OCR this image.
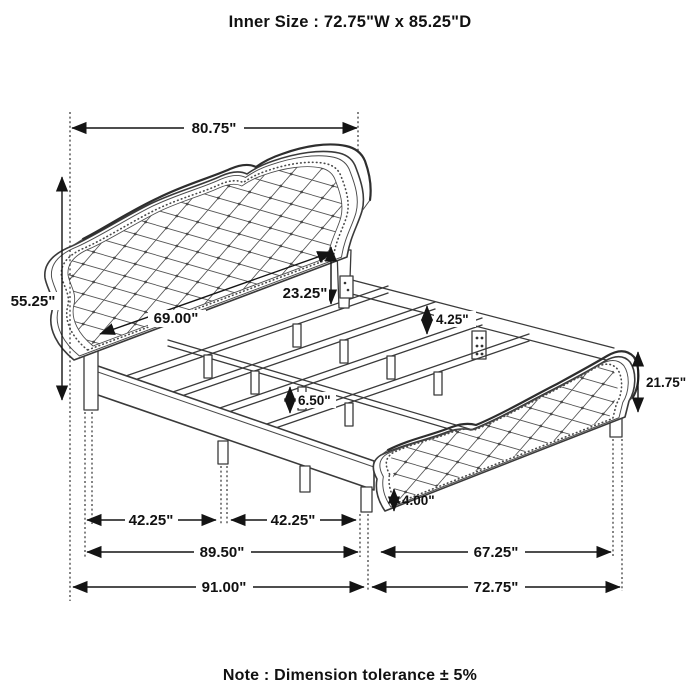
Inner Size : 72.75"W x 85.25"D
Note : Dimension tolerance ± 5%
80.75"
55.25"
69.00"
23.25"
4.25"
6.50"
21.75"
4.00"
42.25"	42.25"
89.50"	67.25"
91.00"	72.75"
